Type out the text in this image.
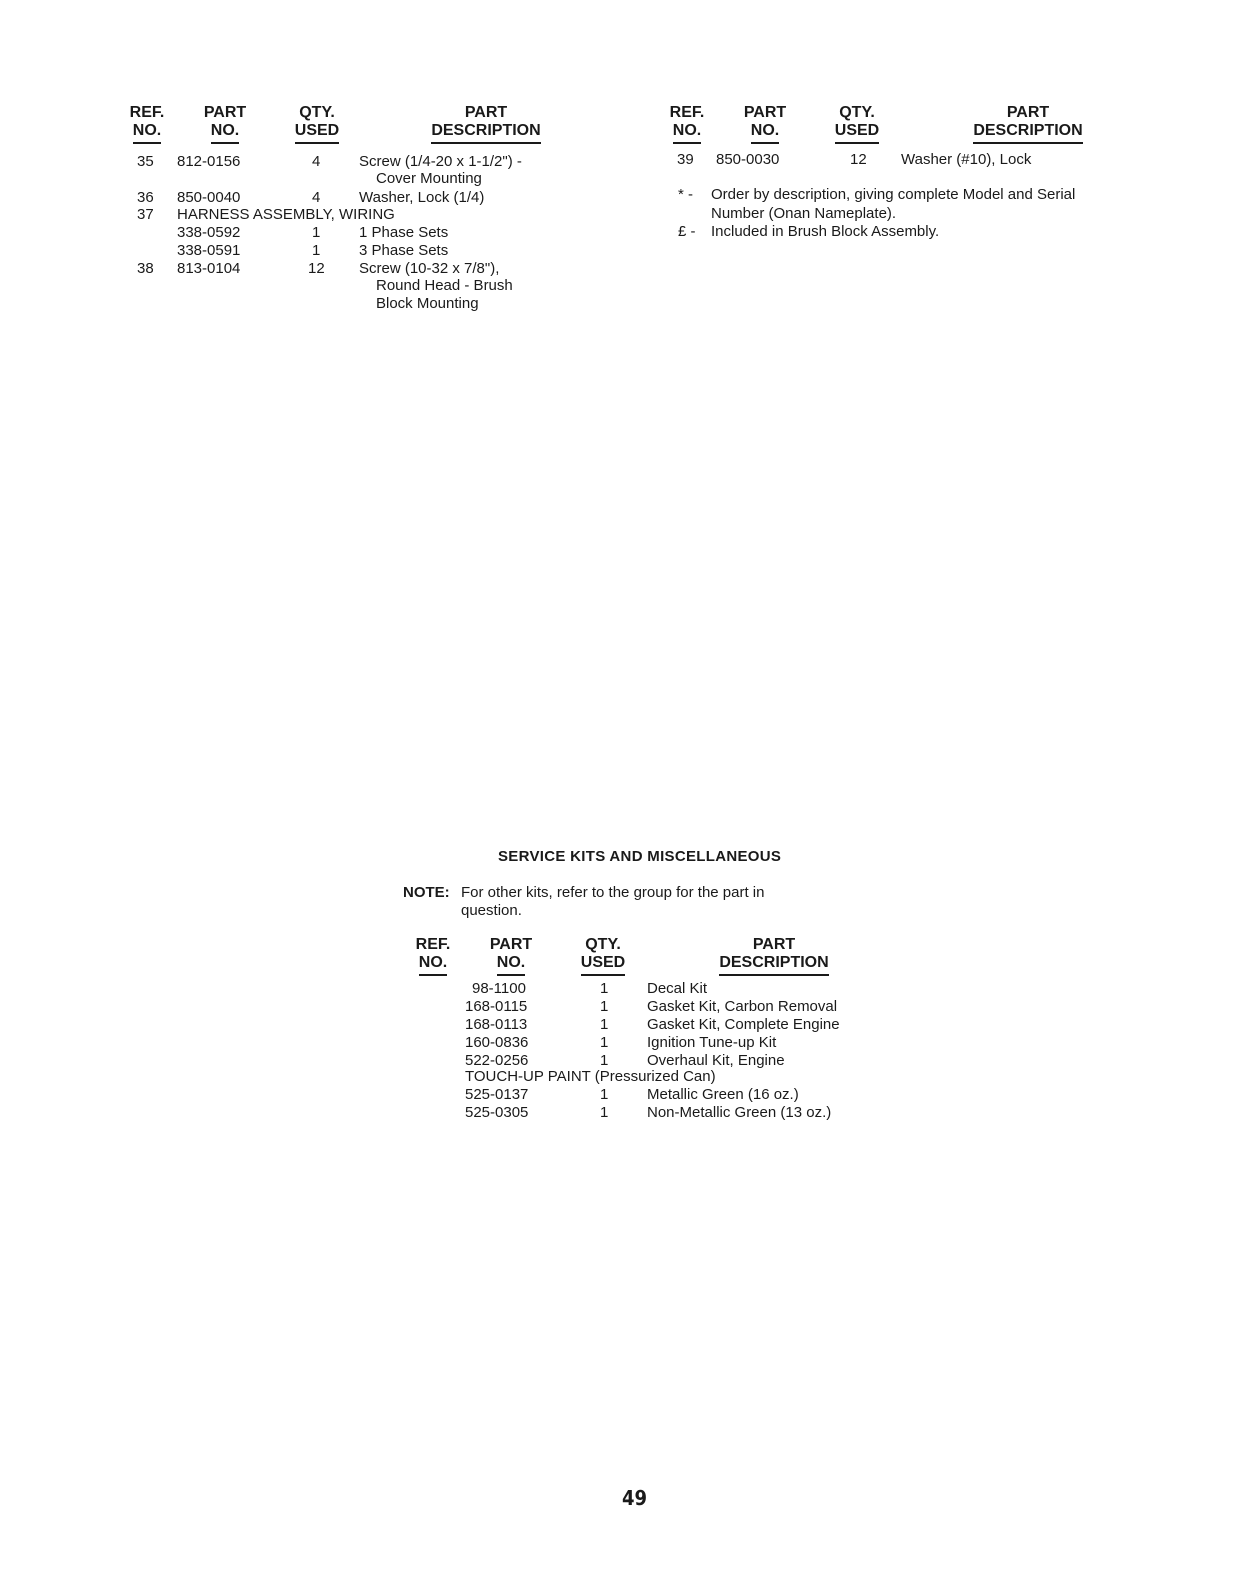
REF.
NO.
PART
NO.
QTY.
USED
PART
DESCRIPTION
35 812-0156	4	Screw (1/4-20 x 1-1/2") -
Cover Mounting
36 850-0040	4	Washer, Lock (1/4)
37 HARNESS ASSEMBLY, WIRING
338-0592	1	1 Phase Sets
338-0591	1	3 Phase Sets
38 813-0104	12 Screw (10-32 x 7/8"),
Round Head - Brush
Block Mounting
REF.
NO.
PART
NO.
QTY.
USED
PART
DESCRIPTION
39 850-0030	12 Washer (#10), Lock
* - Order by description, giving complete Model and Serial
Number (Onan Nameplate).
£ - Included in Brush Block Assembly.
SERVICE KITS AND MISCELLANEOUS
NOTE: For other kits, refer to the group for the part in
question.
REF.
NO.
PART
NO.
QTY.
USED
PART
DESCRIPTION
98-1100	1	Decal Kit
168-0115	1	Gasket Kit, Carbon Removal
168-0113	1	Gasket Kit, Complete Engine
160-0836	1	Ignition Tune-up Kit
522-0256	1	Overhaul Kit, Engine
TOUCH-UP PAINT (Pressurized Can)
525-0137	1	Metallic Green (16 oz.)
525-0305	1	Non-Metallic Green (13 oz.)
49
